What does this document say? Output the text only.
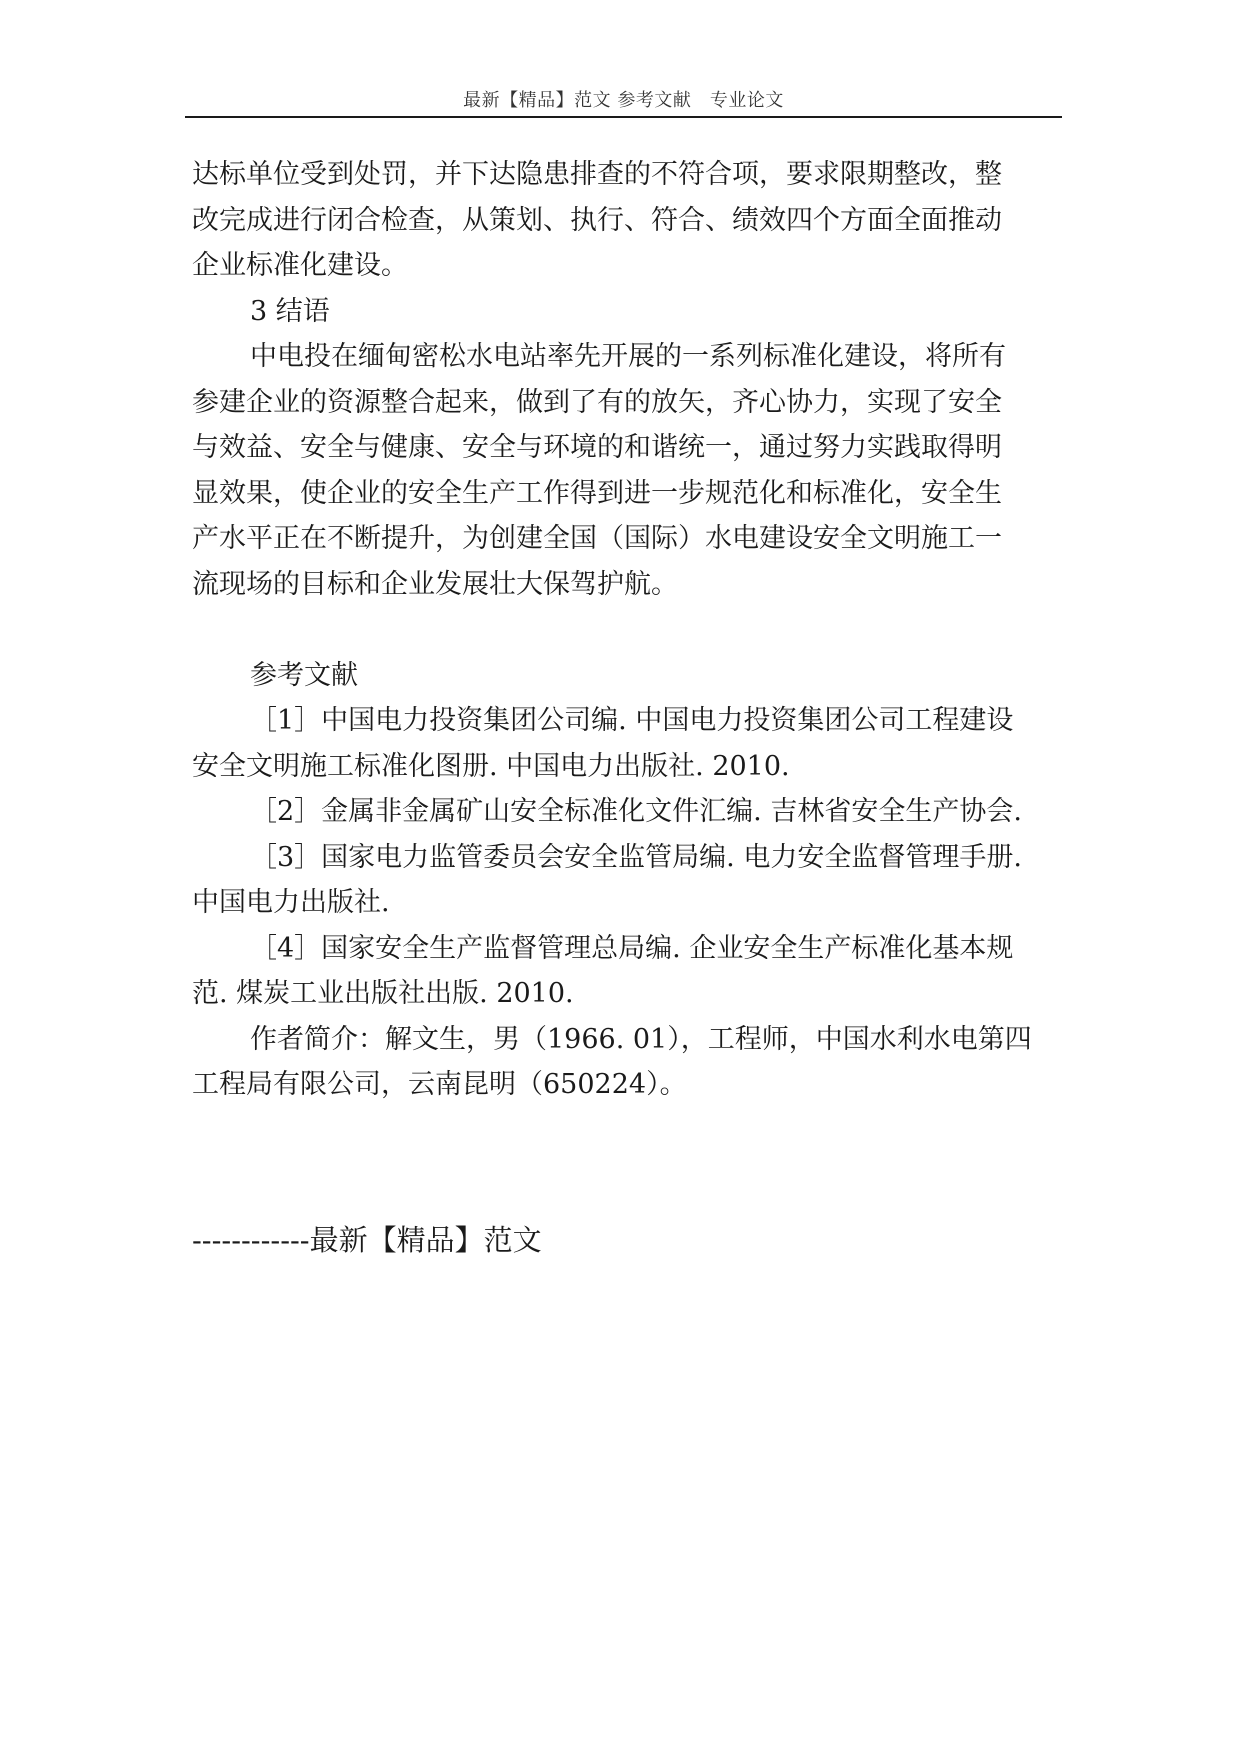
最新【精品】范文 参考文献　专业论文
达标单位受到处罚，并下达隐患排查的不符合项，要求限期整改，整
改完成进行闭合检查，从策划、执行、符合、绩效四个方面全面推动
企业标准化建设。
3 结语
中电投在缅甸密松水电站率先开展的一系列标准化建设，将所有
参建企业的资源整合起来，做到了有的放矢，齐心协力，实现了安全
与效益、安全与健康、安全与环境的和谐统一，通过努力实践取得明
显效果，使企业的安全生产工作得到进一步规范化和标准化，安全生
产水平正在不断提升，为创建全国（国际）水电建设安全文明施工一
流现场的目标和企业发展壮大保驾护航。
参考文献
［1］中国电力投资集团公司编. 中国电力投资集团公司工程建设
安全文明施工标准化图册. 中国电力出版社. 2010.
［2］金属非金属矿山安全标准化文件汇编. 吉林省安全生产协会.
［3］国家电力监管委员会安全监管局编. 电力安全监督管理手册.
中国电力出版社.
［4］国家安全生产监督管理总局编. 企业安全生产标准化基本规
范. 煤炭工业出版社出版. 2010.
作者简介：解文生，男（1966. 01），工程师，中国水利水电第四
工程局有限公司，云南昆明（650224）。
------------最新【精品】范文
